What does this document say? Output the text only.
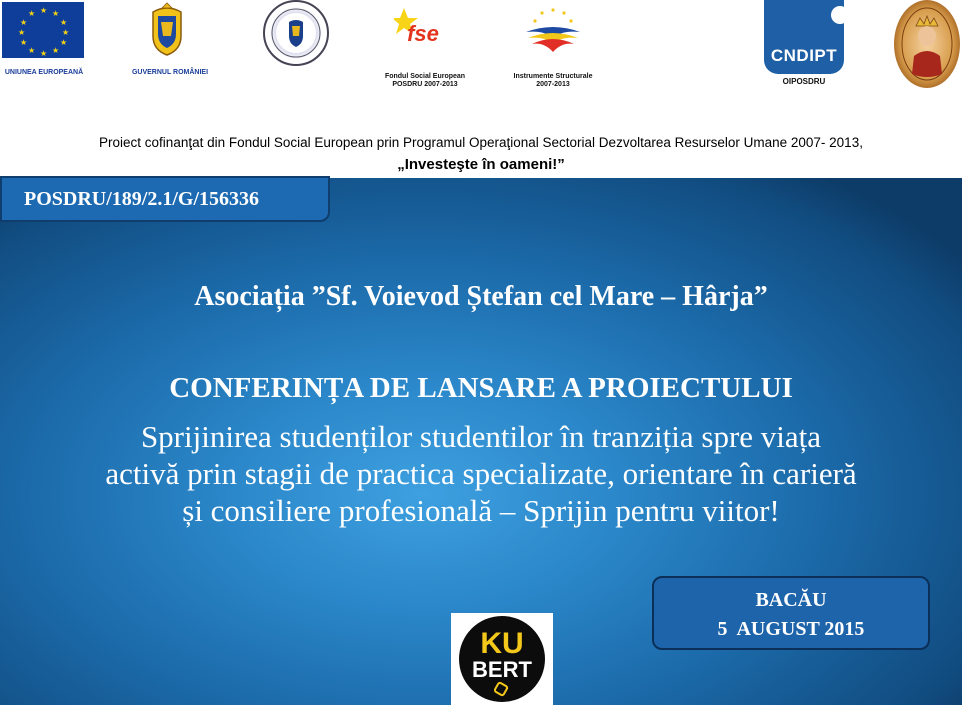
★ ★
★
★
★
★
★
★
★
★
★
★
UNIUNEA EUROPEANĂ	GUVERNUL ROMÂNIEI
fse
Fondul Social European
POSDRU 2007-2013
Instrumente Structurale
2007-2013
CNDIPT
OIPOSDRU
Proiect cofinanţat din Fondul Social European prin Programul Operaţional Sectorial Dezvoltarea Resurselor Umane 2007- 2013,
„Investeşte în oameni!”
POSDRU/189/2.1/G/156336
Asociația ”Sf. Voievod Ștefan cel Mare – Hârja”
CONFERINȚA DE LANSARE A PROIECTULUI
Sprijinirea studenților studentilor în tranziția spre viața
activă prin stagii de practica specializate, orientare în carieră
și consiliere profesională – Sprijin pentru viitor!
BACĂU
5  AUGUST 2015
KU
BERT
